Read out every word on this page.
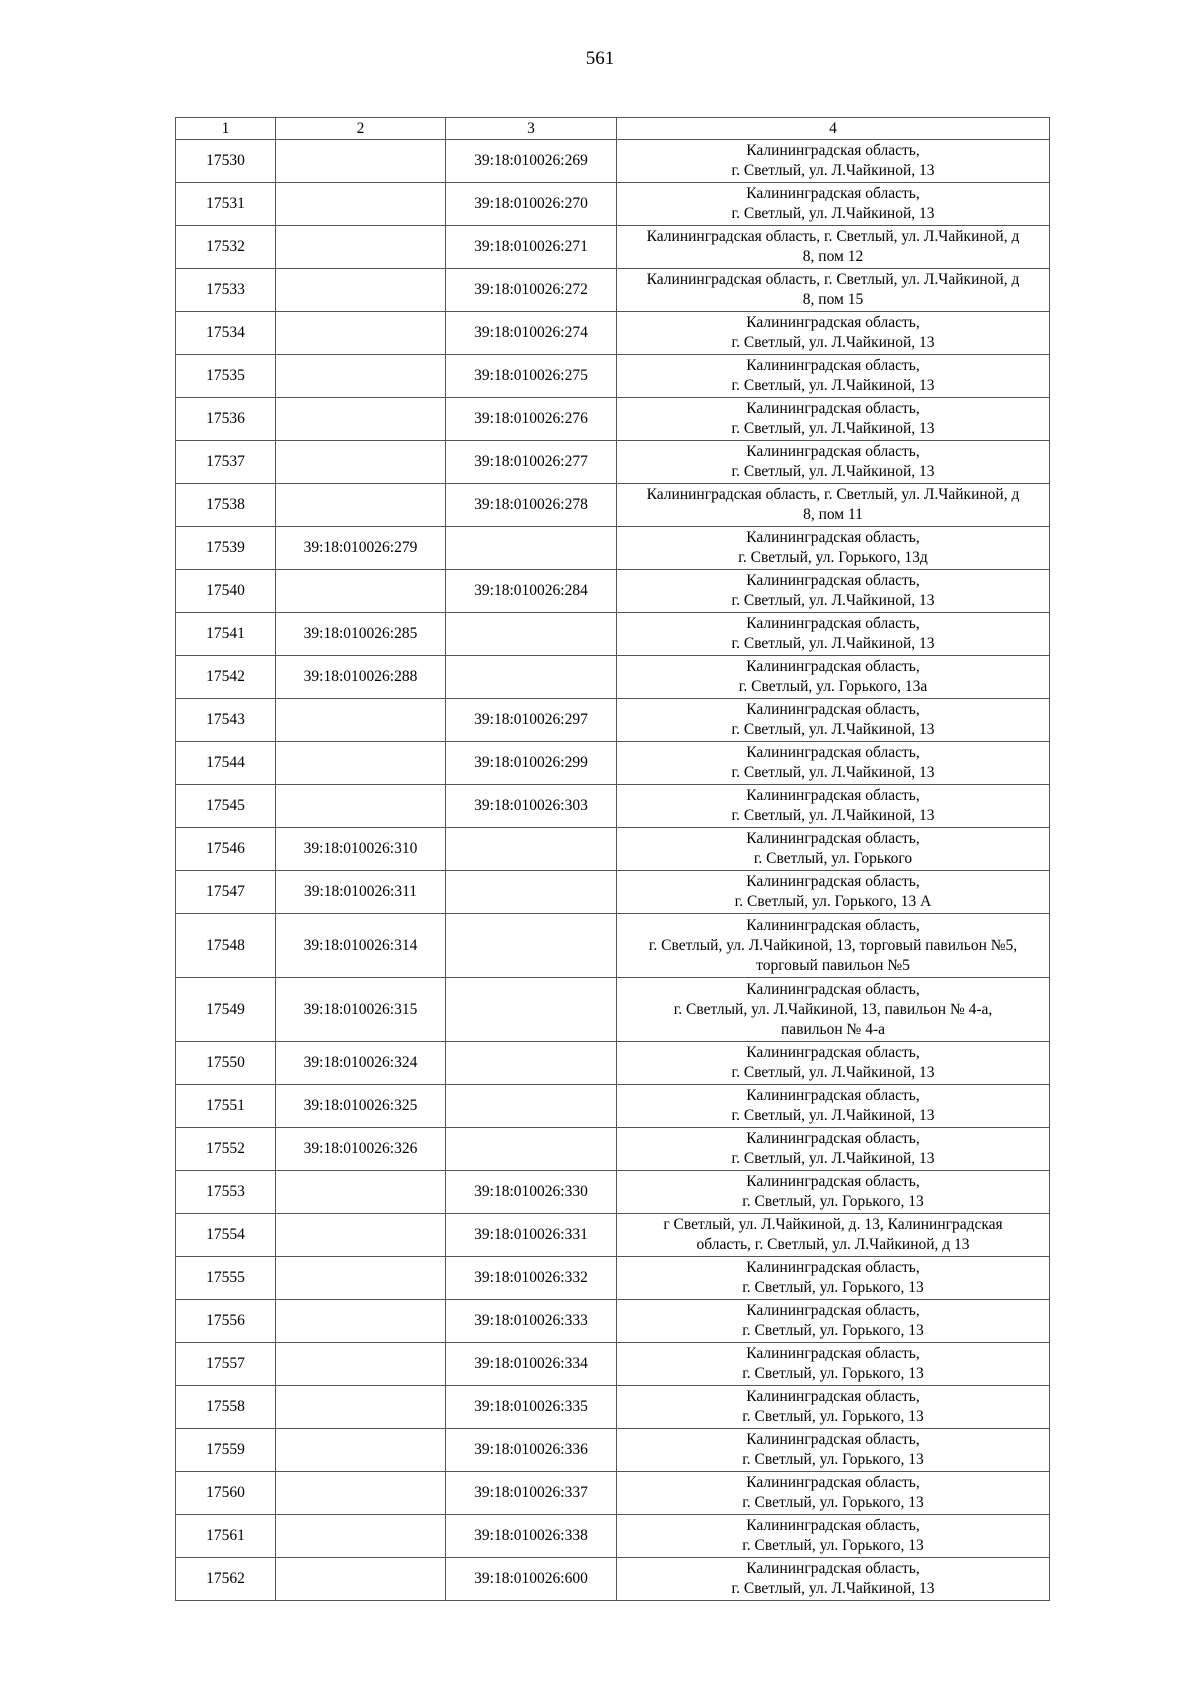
561
1	2	3	4
17530		39:18:010026:269	Калининградская область,
г. Светлый, ул. Л.Чайкиной, 13

17531		39:18:010026:270	Калининградская область,
г. Светлый, ул. Л.Чайкиной, 13

17532		39:18:010026:271	Калининградская область, г. Светлый, ул. Л.Чайкиной, д
8, пом 12

17533		39:18:010026:272	Калининградская область, г. Светлый, ул. Л.Чайкиной, д
8, пом 15

17534		39:18:010026:274	Калининградская область,
г. Светлый, ул. Л.Чайкиной, 13

17535		39:18:010026:275	Калининградская область,
г. Светлый, ул. Л.Чайкиной, 13

17536		39:18:010026:276	Калининградская область,
г. Светлый, ул. Л.Чайкиной, 13

17537		39:18:010026:277	Калининградская область,
г. Светлый, ул. Л.Чайкиной, 13

17538		39:18:010026:278	Калининградская область, г. Светлый, ул. Л.Чайкиной, д
8, пом 11

17539	39:18:010026:279		Калининградская область,
г. Светлый, ул. Горького, 13д

17540		39:18:010026:284	Калининградская область,
г. Светлый, ул. Л.Чайкиной, 13

17541	39:18:010026:285		Калининградская область,
г. Светлый, ул. Л.Чайкиной, 13

17542	39:18:010026:288		Калининградская область,
г. Светлый, ул. Горького, 13а

17543		39:18:010026:297	Калининградская область,
г. Светлый, ул. Л.Чайкиной, 13

17544		39:18:010026:299	Калининградская область,
г. Светлый, ул. Л.Чайкиной, 13

17545		39:18:010026:303	Калининградская область,
г. Светлый, ул. Л.Чайкиной, 13

17546	39:18:010026:310		Калининградская область,
г. Светлый, ул. Горького

17547	39:18:010026:311		Калининградская область,
г. Светлый, ул. Горького, 13 А

17548	39:18:010026:314		Калининградская область,
г. Светлый, ул. Л.Чайкиной, 13, торговый павильон №5,
торговый павильон №5

17549	39:18:010026:315		Калининградская область,
г. Светлый, ул. Л.Чайкиной, 13, павильон № 4-а,
павильон № 4-а

17550	39:18:010026:324		Калининградская область,
г. Светлый, ул. Л.Чайкиной, 13

17551	39:18:010026:325		Калининградская область,
г. Светлый, ул. Л.Чайкиной, 13

17552	39:18:010026:326		Калининградская область,
г. Светлый, ул. Л.Чайкиной, 13

17553		39:18:010026:330	Калининградская область,
г. Светлый, ул. Горького, 13

17554		39:18:010026:331	г Светлый, ул. Л.Чайкиной, д. 13, Калининградская
область, г. Светлый, ул. Л.Чайкиной, д 13

17555		39:18:010026:332	Калининградская область,
г. Светлый, ул. Горького, 13

17556		39:18:010026:333	Калининградская область,
г. Светлый, ул. Горького, 13

17557		39:18:010026:334	Калининградская область,
г. Светлый, ул. Горького, 13

17558		39:18:010026:335	Калининградская область,
г. Светлый, ул. Горького, 13

17559		39:18:010026:336	Калининградская область,
г. Светлый, ул. Горького, 13

17560		39:18:010026:337	Калининградская область,
г. Светлый, ул. Горького, 13

17561		39:18:010026:338	Калининградская область,
г. Светлый, ул. Горького, 13

17562		39:18:010026:600	Калининградская область,
г. Светлый, ул. Л.Чайкиной, 13
